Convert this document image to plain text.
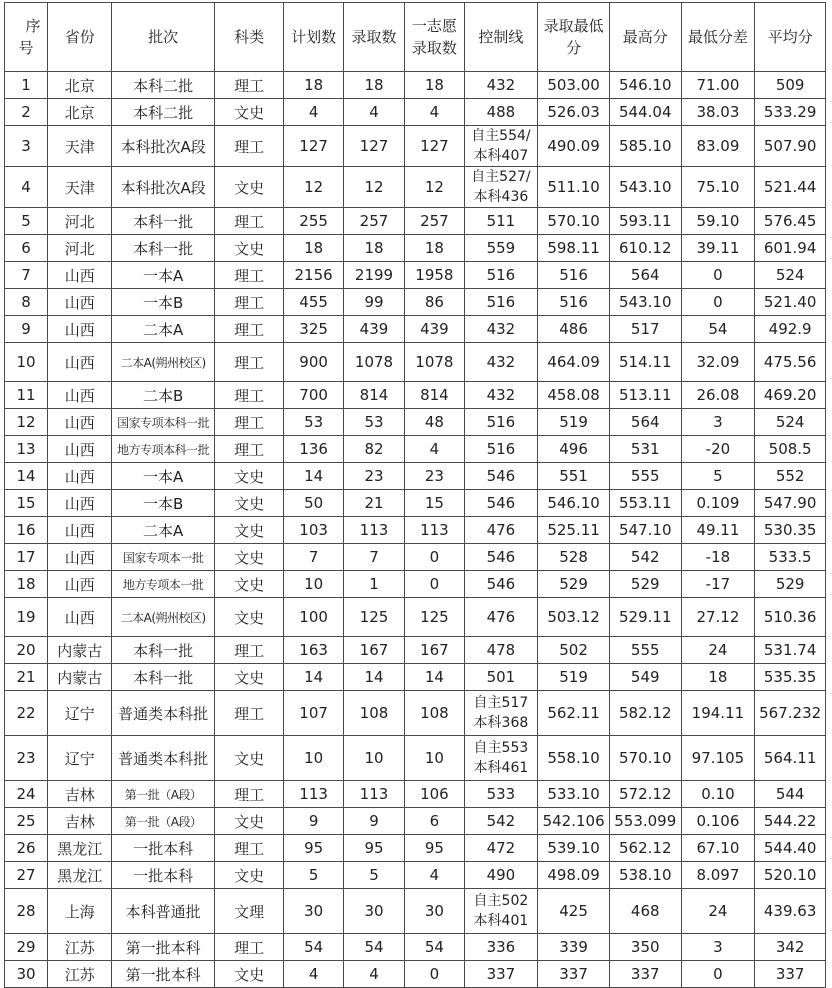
序
号	省份	批次	科类	计划数	录取数	一志愿录取数	控制线	录取最低分	最高分	最低分差	平均分
1	北京	本科二批	理工	18	18	18	432	503.00	546.10	71.00	509
2	北京	本科二批	文史	4	4	4	488	526.03	544.04	38.03	533.29
3	天津	本科批次A段	理工	127	127	127	自主554/
本科407	490.09	585.10	83.09	507.90
4	天津	本科批次A段	文史	12	12	12	自主527/
本科436	511.10	543.10	75.10	521.44
5	河北	本科一批	理工	255	257	257	511	570.10	593.11	59.10	576.45
6	河北	本科一批	文史	18	18	18	559	598.11	610.12	39.11	601.94
7	山西	一本A	理工	2156	2199	1958	516	516	564	0	524
8	山西	一本B	理工	455	99	86	516	516	543.10	0	521.40
9	山西	二本A	理工	325	439	439	432	486	517	54	492.9
10	山西	二本A(朔州校区)	理工	900	1078	1078	432	464.09	514.11	32.09	475.56
11	山西	二本B	理工	700	814	814	432	458.08	513.11	26.08	469.20
12	山西	国家专项本科一批	理工	53	53	48	516	519	564	3	524
13	山西	地方专项本科一批	理工	136	82	4	516	496	531	-20	508.5
14	山西	一本A	文史	14	23	23	546	551	555	5	552
15	山西	一本B	文史	50	21	15	546	546.10	553.11	0.109	547.90
16	山西	二本A	文史	103	113	113	476	525.11	547.10	49.11	530.35
17	山西	国家专项本一批	文史	7	7	0	546	528	542	-18	533.5
18	山西	地方专项本一批	文史	10	1	0	546	529	529	-17	529
19	山西	二本A(朔州校区)	文史	100	125	125	476	503.12	529.11	27.12	510.36
20	内蒙古	本科一批	理工	163	167	167	478	502	555	24	531.74
21	内蒙古	本科一批	文史	14	14	14	501	519	549	18	535.35
22	辽宁	普通类本科批	理工	107	108	108	自主517
本科368	562.11	582.12	194.11	567.232
23	辽宁	普通类本科批	文史	10	10	10	自主553
本科461	558.10	570.10	97.105	564.11
24	吉林	第一批（A段）	理工	113	113	106	533	533.10	572.12	0.10	544
25	吉林	第一批（A段）	文史	9	9	6	542	542.106	553.099	0.106	544.22
26	黑龙江	一批本科	理工	95	95	95	472	539.10	562.12	67.10	544.40
27	黑龙江	一批本科	文史	5	5	4	490	498.09	538.10	8.097	520.10
28	上海	本科普通批	文理	30	30	30	自主502
本科401	425	468	24	439.63
29	江苏	第一批本科	理工	54	54	54	336	339	350	3	342
30	江苏	第一批本科	文史	4	4	0	337	337	337	0	337
